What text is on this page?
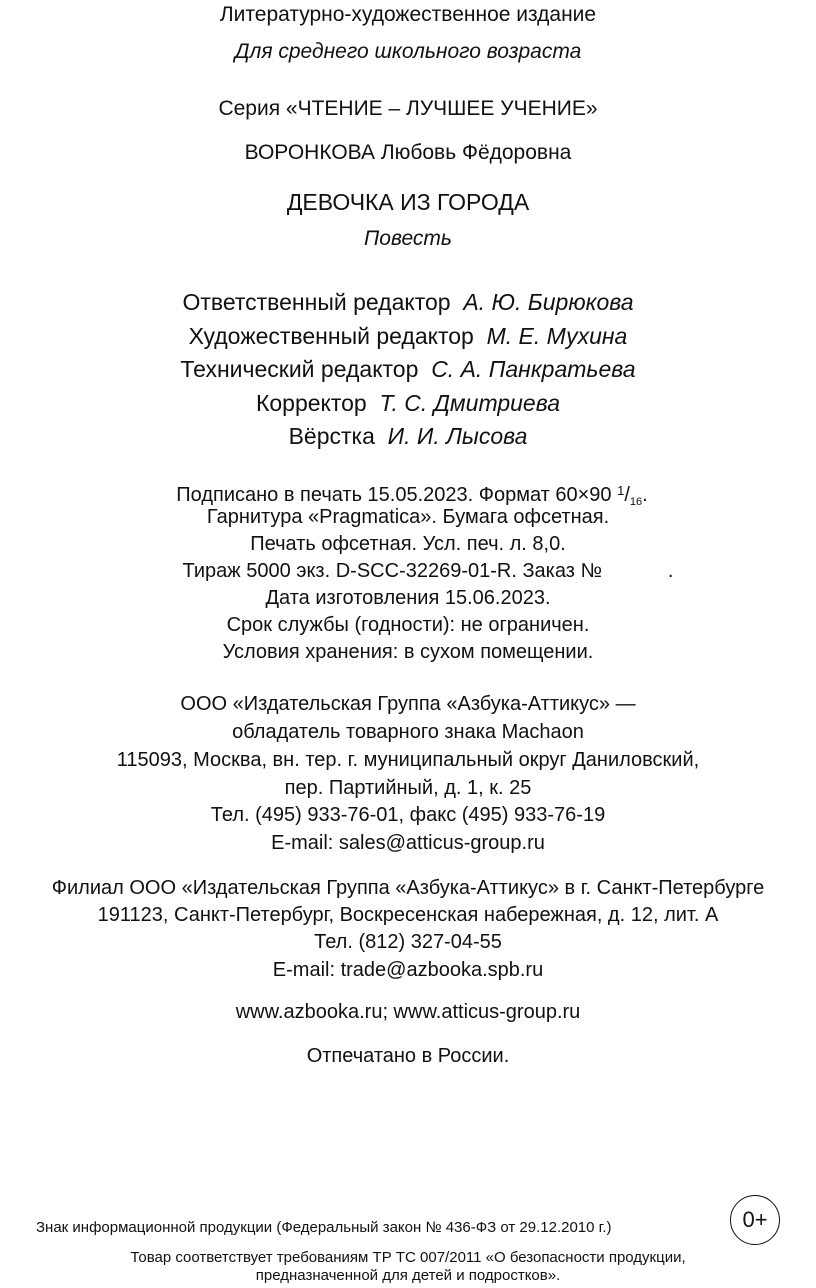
Литературно-художественное издание
Для среднего школьного возраста
Серия «ЧТЕНИЕ – ЛУЧШЕЕ УЧЕНИЕ»
ВОРОНКОВА Любовь Фёдоровна
ДЕВОЧКА ИЗ ГОРОДА
Повесть
Ответственный редактор А. Ю. Бирюкова
Художественный редактор М. Е. Мухина
Технический редактор С. А. Панкратьева
Корректор Т. С. Дмитриева
Вёрстка И. И. Лысова
Подписано в печать 15.05.2023. Формат 60×90 $^1/_{16}$.
Гарнитура «Pragmatica». Бумага офсетная.
Печать офсетная. Усл. печ. л. 8,0.
Тираж 5000 экз. D-SCC-32269-01-R. Заказ №	.
Дата изготовления 15.06.2023.
Срок службы (годности): не ограничен.
Условия хранения: в сухом помещении.
ООО «Издательская Группа «Азбука-Аттикус» —
обладатель товарного знака Machaon
115093, Москва, вн. тер. г. муниципальный округ Даниловский,
пер. Партийный, д. 1, к. 25
Тел. (495) 933-76-01, факс (495) 933-76-19
E-mail: sales@atticus-group.ru
Филиал ООО «Издательская Группа «Азбука-Аттикус» в г. Санкт-Петербурге
191123, Санкт-Петербург, Воскресенская набережная, д. 12, лит. А
Тел. (812) 327-04-55
E-mail: trade@azbooka.spb.ru
www.azbooka.ru; www.atticus-group.ru
Отпечатано в России.
Знак информационной продукции (Федеральный закон № 436-ФЗ от 29.12.2010 г.)	0+
Товар соответствует требованиям ТР ТС 007/2011 «О безопасности продукции,
предназначенной для детей и подростков».
